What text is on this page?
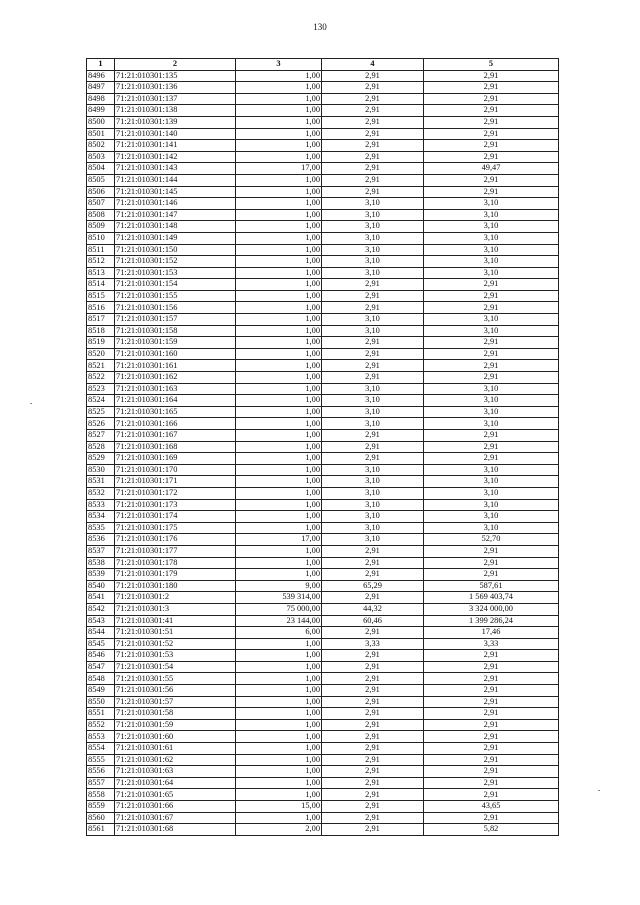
130
1	2	3	4	5
8496	71:21:010301:135	1,00	2,91	2,91
8497	71:21:010301:136	1,00	2,91	2,91
8498	71:21:010301:137	1,00	2,91	2,91
8499	71:21:010301:138	1,00	2,91	2,91
8500	71:21:010301:139	1,00	2,91	2,91
8501	71:21:010301:140	1,00	2,91	2,91
8502	71:21:010301:141	1,00	2,91	2,91
8503	71:21:010301:142	1,00	2,91	2,91
8504	71:21:010301:143	17,00	2,91	49,47
8505	71:21:010301:144	1,00	2,91	2,91
8506	71:21:010301:145	1,00	2,91	2,91
8507	71:21:010301:146	1,00	3,10	3,10
8508	71:21:010301:147	1,00	3,10	3,10
8509	71:21:010301:148	1,00	3,10	3,10
8510	71:21:010301:149	1,00	3,10	3,10
8511	71:21:010301:150	1,00	3,10	3,10
8512	71:21:010301:152	1,00	3,10	3,10
8513	71:21:010301:153	1,00	3,10	3,10
8514	71:21:010301:154	1,00	2,91	2,91
8515	71:21:010301:155	1,00	2,91	2,91
8516	71:21:010301:156	1,00	2,91	2,91
8517	71:21:010301:157	1,00	3,10	3,10
8518	71:21:010301:158	1,00	3,10	3,10
8519	71:21:010301:159	1,00	2,91	2,91
8520	71:21:010301:160	1,00	2,91	2,91
8521	71:21:010301:161	1,00	2,91	2,91
8522	71:21:010301:162	1,00	2,91	2,91
8523	71:21:010301:163	1,00	3,10	3,10
8524	71:21:010301:164	1,00	3,10	3,10
8525	71:21:010301:165	1,00	3,10	3,10
8526	71:21:010301:166	1,00	3,10	3,10
8527	71:21:010301:167	1,00	2,91	2,91
8528	71:21:010301:168	1,00	2,91	2,91
8529	71:21:010301:169	1,00	2,91	2,91
8530	71:21:010301:170	1,00	3,10	3,10
8531	71:21:010301:171	1,00	3,10	3,10
8532	71:21:010301:172	1,00	3,10	3,10
8533	71:21:010301:173	1,00	3,10	3,10
8534	71:21:010301:174	1,00	3,10	3,10
8535	71:21:010301:175	1,00	3,10	3,10
8536	71:21:010301:176	17,00	3,10	52,70
8537	71:21:010301:177	1,00	2,91	2,91
8538	71:21:010301:178	1,00	2,91	2,91
8539	71:21:010301:179	1,00	2,91	2,91
8540	71:21:010301:180	9,00	65,29	587,61
8541	71:21:010301:2	539 314,00	2,91	1 569 403,74
8542	71:21:010301:3	75 000,00	44,32	3 324 000,00
8543	71:21:010301:41	23 144,00	60,46	1 399 286,24
8544	71:21:010301:51	6,00	2,91	17,46
8545	71:21:010301:52	1,00	3,33	3,33
8546	71:21:010301:53	1,00	2,91	2,91
8547	71:21:010301:54	1,00	2,91	2,91
8548	71:21:010301:55	1,00	2,91	2,91
8549	71:21:010301:56	1,00	2,91	2,91
8550	71:21:010301:57	1,00	2,91	2,91
8551	71:21:010301:58	1,00	2,91	2,91
8552	71:21:010301:59	1,00	2,91	2,91
8553	71:21:010301:60	1,00	2,91	2,91
8554	71:21:010301:61	1,00	2,91	2,91
8555	71:21:010301:62	1,00	2,91	2,91
8556	71:21:010301:63	1,00	2,91	2,91
8557	71:21:010301:64	1,00	2,91	2,91
8558	71:21:010301:65	1,00	2,91	2,91
8559	71:21:010301:66	15,00	2,91	43,65
8560	71:21:010301:67	1,00	2,91	2,91
8561	71:21:010301:68	2,00	2,91	5,82
